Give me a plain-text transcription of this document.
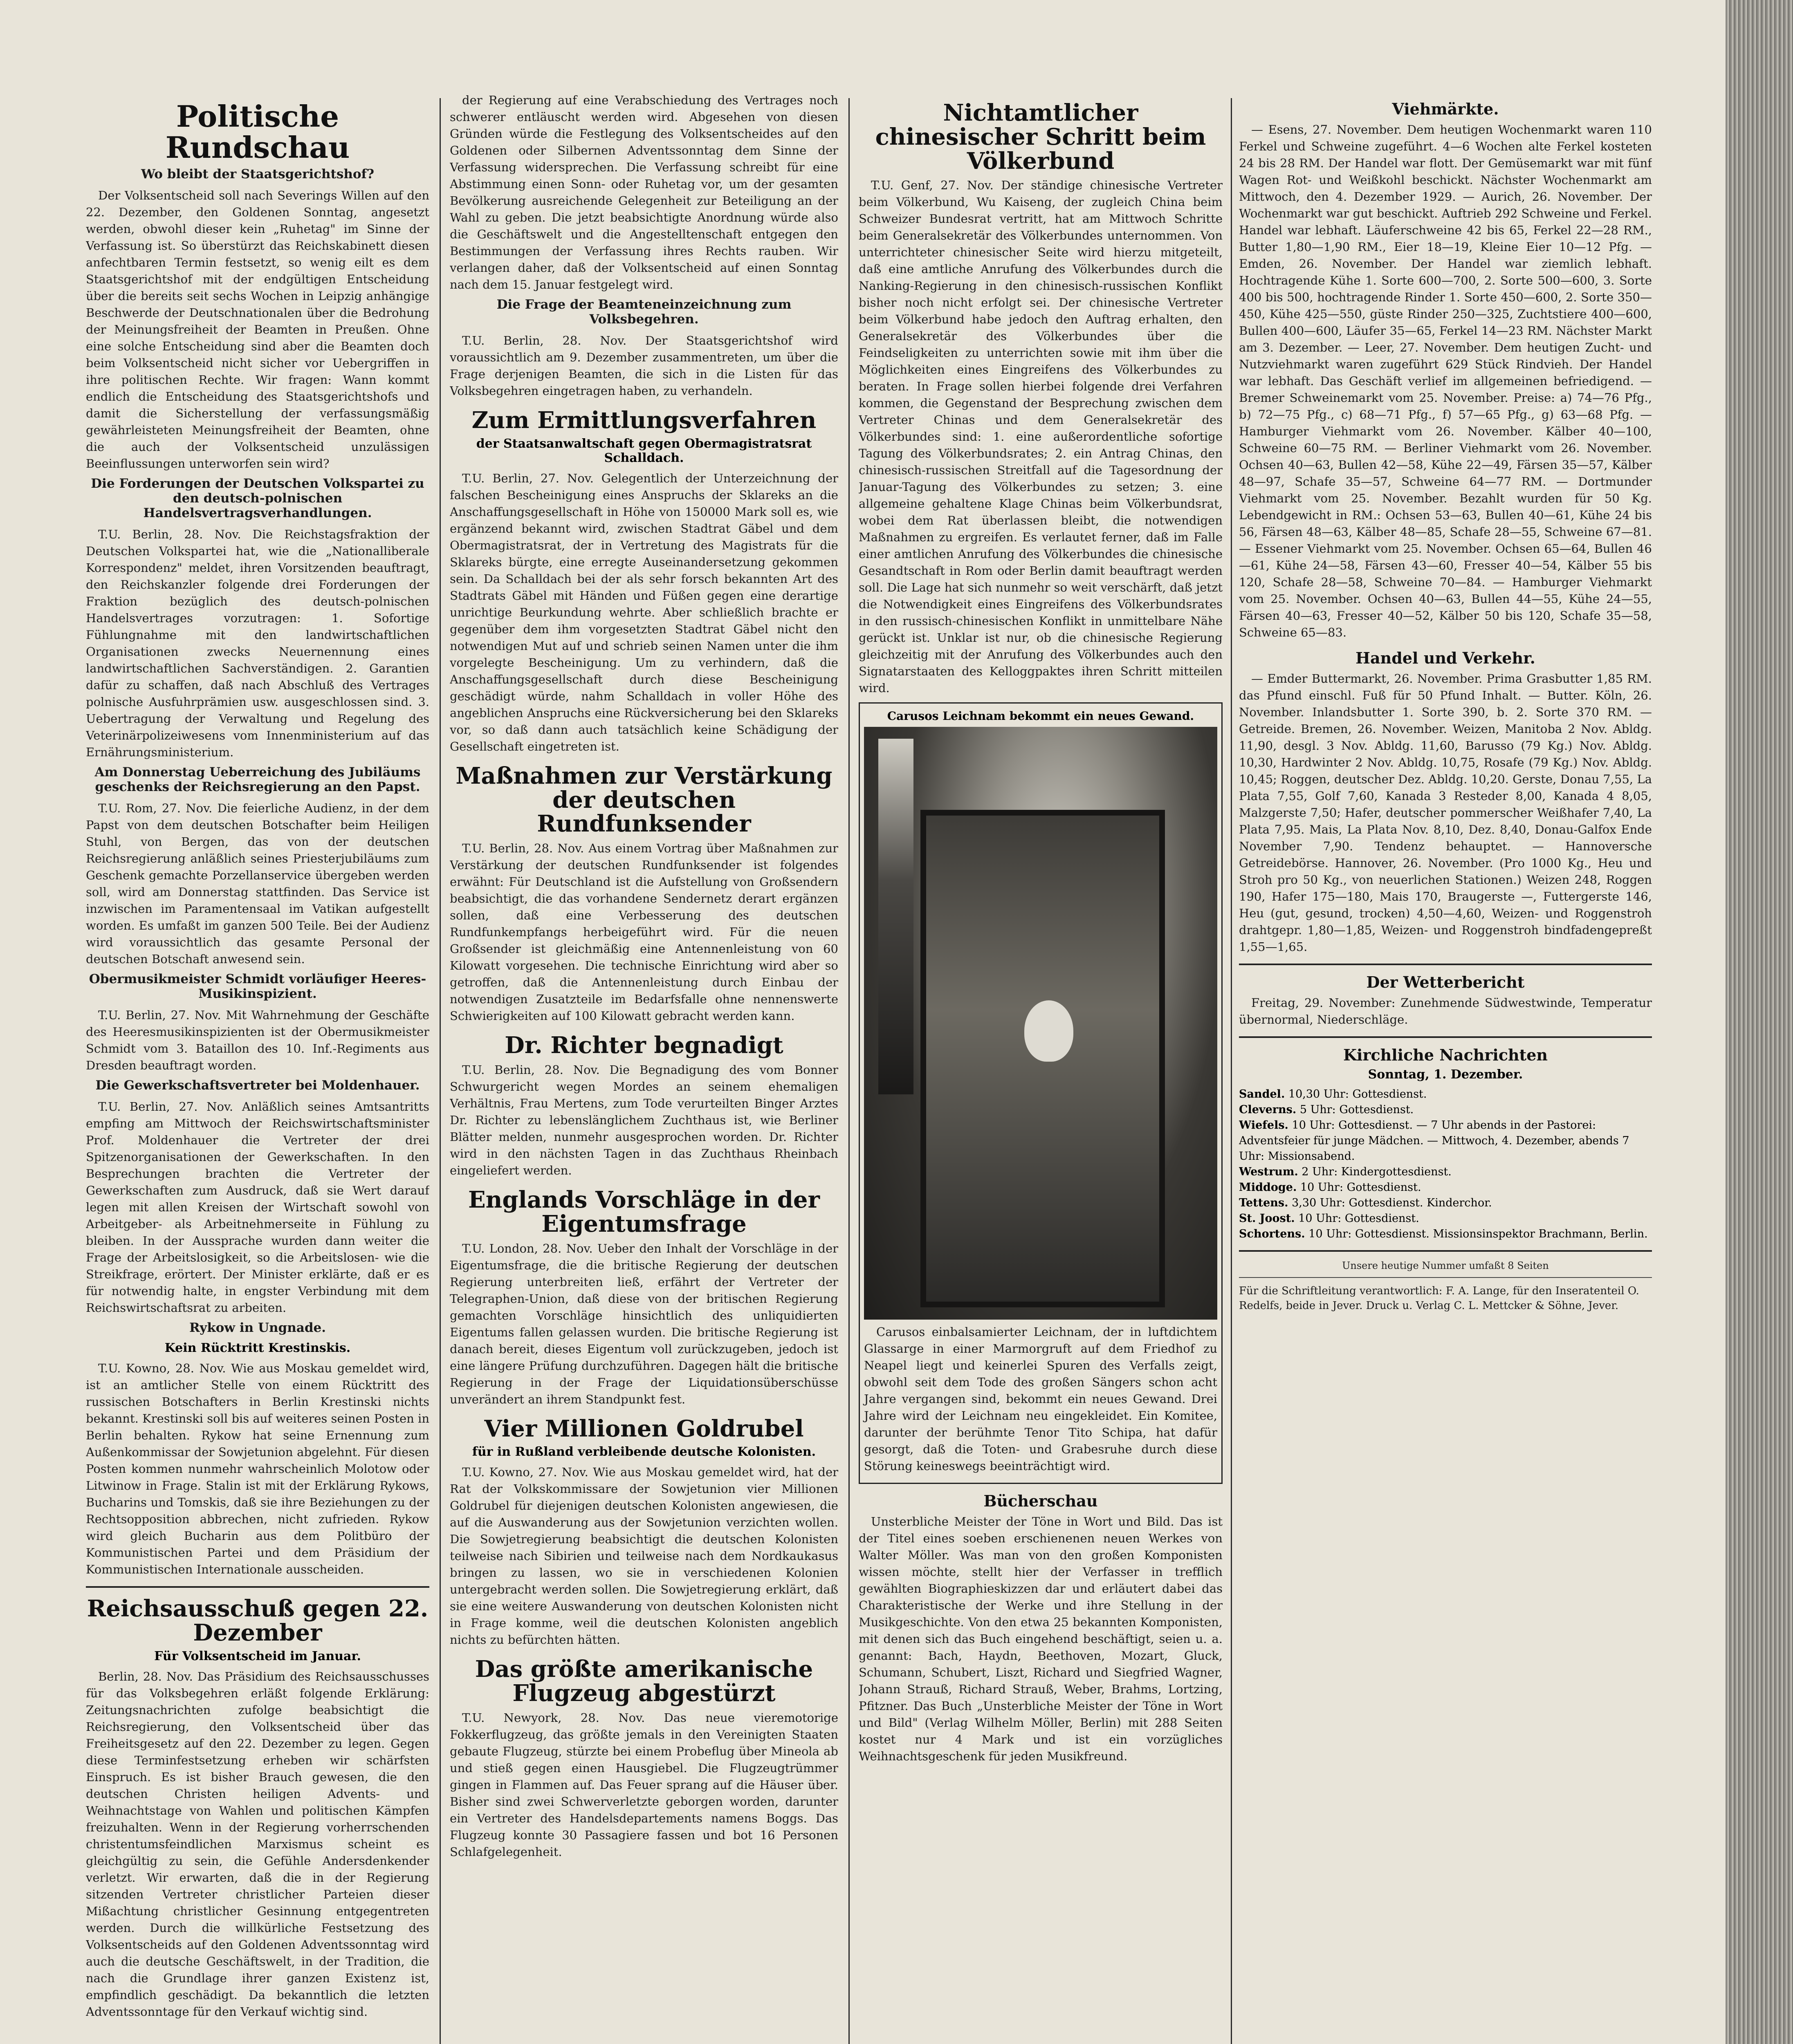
Politische Rundschau
Wo bleibt der Staatsgerichtshof?

Der Volksentscheid soll nach Severings Willen auf den 22. Dezember, den Goldenen Sonntag, angesetzt werden, obwohl dieser kein „Ruhetag" im Sinne der Verfassung ist. So überstürzt das Reichskabinett diesen anfechtbaren Termin festsetzt, so wenig eilt es dem Staatsgerichtshof mit der endgültigen Entscheidung über die bereits seit sechs Wochen in Leipzig anhängige Beschwerde der Deutschnationalen über die Bedrohung der Meinungsfreiheit der Beamten in Preußen. Ohne eine solche Entscheidung sind aber die Beamten doch beim Volksentscheid nicht sicher vor Uebergriffen in ihre politischen Rechte. Wir fragen: Wann kommt endlich die Entscheidung des Staatsgerichtshofs und damit die Sicherstellung der verfassungsmäßig gewährleisteten Meinungsfreiheit der Beamten, ohne die auch der Volksentscheid unzulässigen Beeinflussungen unterworfen sein wird?

Die Forderungen der Deutschen Volkspartei zu den deutsch-polnischen Handelsvertragsverhandlungen.

T.U. Berlin, 28. Nov. Die Reichstagsfraktion der Deutschen Volkspartei hat, wie die „Nationalliberale Korrespondenz" meldet, ihren Vorsitzenden beauftragt, den Reichskanzler folgende drei Forderungen der Fraktion bezüglich des deutsch-polnischen Handelsvertrages vorzutragen: 1. Sofortige Fühlungnahme mit den landwirtschaftlichen Organisationen zwecks Neuernennung eines landwirtschaftlichen Sachverständigen. 2. Garantien dafür zu schaffen, daß nach Abschluß des Vertrages polnische Ausfuhrprämien usw. ausgeschlossen sind. 3. Uebertragung der Verwaltung und Regelung des Veterinärpolizeiwesens vom Innenministerium auf das Ernährungsministerium.

Am Donnerstag Ueberreichung des Jubiläums geschenks der Reichsregierung an den Papst.

T.U. Rom, 27. Nov. Die feierliche Audienz, in der dem Papst von dem deutschen Botschafter beim Heiligen Stuhl, von Bergen, das von der deutschen Reichsregierung anläßlich seines Priesterjubiläums zum Geschenk gemachte Porzellanservice übergeben werden soll, wird am Donnerstag stattfinden. Das Service ist inzwischen im Paramentensaal im Vatikan aufgestellt worden. Es umfaßt im ganzen 500 Teile. Bei der Audienz wird voraussichtlich das gesamte Personal der deutschen Botschaft anwesend sein.

Obermusikmeister Schmidt vorläufiger Heeres-Musikinspizient.

T.U. Berlin, 27. Nov. Mit Wahrnehmung der Geschäfte des Heeresmusikinspizienten ist der Obermusikmeister Schmidt vom 3. Bataillon des 10. Inf.-Regiments aus Dresden beauftragt worden.

Die Gewerkschaftsvertreter bei Moldenhauer.

T.U. Berlin, 27. Nov. Anläßlich seines Amtsantritts empfing am Mittwoch der Reichswirtschaftsminister Prof. Moldenhauer die Vertreter der drei Spitzenorganisationen der Gewerkschaften. In den Besprechungen brachten die Vertreter der Gewerkschaften zum Ausdruck, daß sie Wert darauf legen mit allen Kreisen der Wirtschaft sowohl von Arbeitgeber- als Arbeitnehmerseite in Fühlung zu bleiben. In der Aussprache wurden dann weiter die Frage der Arbeitslosigkeit, so die Arbeitslosen- wie die Streikfrage, erörtert. Der Minister erklärte, daß er es für notwendig halte, in engster Verbindung mit dem Reichswirtschaftsrat zu arbeiten.

Rykow in Ungnade.
Kein Rücktritt Krestinskis.

T.U. Kowno, 28. Nov. Wie aus Moskau gemeldet wird, ist an amtlicher Stelle von einem Rücktritt des russischen Botschafters in Berlin Krestinski nichts bekannt. Krestinski soll bis auf weiteres seinen Posten in Berlin behalten. Rykow hat seine Ernennung zum Außenkommissar der Sowjetunion abgelehnt. Für diesen Posten kommen nunmehr wahrscheinlich Molotow oder Litwinow in Frage. Stalin ist mit der Erklärung Rykows, Bucharins und Tomskis, daß sie ihre Beziehungen zu der Rechtsopposition abbrechen, nicht zufrieden. Rykow wird gleich Bucharin aus dem Politbüro der Kommunistischen Partei und dem Präsidium der Kommunistischen Internationale ausscheiden.

Reichsausschuß gegen 22. Dezember
Für Volksentscheid im Januar.

Berlin, 28. Nov. Das Präsidium des Reichsausschusses für das Volksbegehren erläßt folgende Erklärung: Zeitungsnachrichten zufolge beabsichtigt die Reichsregierung, den Volksentscheid über das Freiheitsgesetz auf den 22. Dezember zu legen. Gegen diese Terminfestsetzung erheben wir schärfsten Einspruch. Es ist bisher Brauch gewesen, die den deutschen Christen heiligen Advents- und Weihnachtstage von Wahlen und politischen Kämpfen freizuhalten. Wenn in der Regierung vorherrschenden christentumsfeindlichen Marxismus scheint es gleichgültig zu sein, die Gefühle Andersdenkender verletzt. Wir erwarten, daß die in der Regierung sitzenden Vertreter christlicher Parteien dieser Mißachtung christlicher Gesinnung entgegentreten werden. Durch die willkürliche Festsetzung des Volksentscheids auf den Goldenen Adventssonntag wird auch die deutsche Geschäftswelt, in der Tradition, die nach die Grundlage ihrer ganzen Existenz ist, empfindlich geschädigt. Da bekanntlich die letzten Adventssonntage für den Verkauf wichtig sind.

der Regierung auf eine Verabschiedung des Vertrages noch schwerer entläuscht werden wird. Abgesehen von diesen Gründen würde die Festlegung des Volksentscheides auf den Goldenen oder Silbernen Adventssonntag dem Sinne der Verfassung widersprechen. Die Verfassung schreibt für eine Abstimmung einen Sonn- oder Ruhetag vor, um der gesamten Bevölkerung ausreichende Gelegenheit zur Beteiligung an der Wahl zu geben. Die jetzt beabsichtigte Anordnung würde also die Geschäftswelt und die Angestelltenschaft entgegen den Bestimmungen der Verfassung ihres Rechts rauben. Wir verlangen daher, daß der Volksentscheid auf einen Sonntag nach dem 15. Januar festgelegt wird.

Die Frage der Beamteneinzeichnung zum Volksbegehren.

T.U. Berlin, 28. Nov. Der Staatsgerichtshof wird voraussichtlich am 9. Dezember zusammentreten, um über die Frage derjenigen Beamten, die sich in die Listen für das Volksbegehren eingetragen haben, zu verhandeln.

Zum Ermittlungsverfahren
der Staatsanwaltschaft gegen Obermagistratsrat Schalldach.

T.U. Berlin, 27. Nov. Gelegentlich der Unterzeichnung der falschen Bescheinigung eines Anspruchs der Sklareks an die Anschaffungsgesellschaft in Höhe von 150000 Mark soll es, wie ergänzend bekannt wird, zwischen Stadtrat Gäbel und dem Obermagistratsrat, der in Vertretung des Magistrats für die Sklareks bürgte, eine erregte Auseinandersetzung gekommen sein. Da Schalldach bei der als sehr forsch bekannten Art des Stadtrats Gäbel mit Händen und Füßen gegen eine derartige unrichtige Beurkundung wehrte. Aber schließlich brachte er gegenüber dem ihm vorgesetzten Stadtrat Gäbel nicht den notwendigen Mut auf und schrieb seinen Namen unter die ihm vorgelegte Bescheinigung. Um zu verhindern, daß die Anschaffungsgesellschaft durch diese Bescheinigung geschädigt würde, nahm Schalldach in voller Höhe des angeblichen Anspruchs eine Rückversicherung bei den Sklareks vor, so daß dann auch tatsächlich keine Schädigung der Gesellschaft eingetreten ist.

Maßnahmen zur Verstärkung der deutschen Rundfunksender

T.U. Berlin, 28. Nov. Aus einem Vortrag über Maßnahmen zur Verstärkung der deutschen Rundfunksender ist folgendes erwähnt: Für Deutschland ist die Aufstellung von Großsendern beabsichtigt, die das vorhandene Sendernetz derart ergänzen sollen, daß eine Verbesserung des deutschen Rundfunkempfangs herbeigeführt wird. Für die neuen Großsender ist gleichmäßig eine Antennenleistung von 60 Kilowatt vorgesehen. Die technische Einrichtung wird aber so getroffen, daß die Antennenleistung durch Einbau der notwendigen Zusatzteile im Bedarfsfalle ohne nennenswerte Schwierigkeiten auf 100 Kilowatt gebracht werden kann.

Dr. Richter begnadigt

T.U. Berlin, 28. Nov. Die Begnadigung des vom Bonner Schwurgericht wegen Mordes an seinem ehemaligen Verhältnis, Frau Mertens, zum Tode verurteilten Binger Arztes Dr. Richter zu lebenslänglichem Zuchthaus ist, wie Berliner Blätter melden, nunmehr ausgesprochen worden. Dr. Richter wird in den nächsten Tagen in das Zuchthaus Rheinbach eingeliefert werden.

Englands Vorschläge in der Eigentumsfrage

T.U. London, 28. Nov. Ueber den Inhalt der Vorschläge in der Eigentumsfrage, die die britische Regierung der deutschen Regierung unterbreiten ließ, erfährt der Vertreter der Telegraphen-Union, daß diese von der britischen Regierung gemachten Vorschläge hinsichtlich des unliquidierten Eigentums fallen gelassen wurden. Die britische Regierung ist danach bereit, dieses Eigentum voll zurückzugeben, jedoch ist eine längere Prüfung durchzuführen. Dagegen hält die britische Regierung in der Frage der Liquidationsüberschüsse unverändert an ihrem Standpunkt fest.

Vier Millionen Goldrubel
für in Rußland verbleibende deutsche Kolonisten.

T.U. Kowno, 27. Nov. Wie aus Moskau gemeldet wird, hat der Rat der Volkskommissare der Sowjetunion vier Millionen Goldrubel für diejenigen deutschen Kolonisten angewiesen, die auf die Auswanderung aus der Sowjetunion verzichten wollen. Die Sowjetregierung beabsichtigt die deutschen Kolonisten teilweise nach Sibirien und teilweise nach dem Nordkaukasus bringen zu lassen, wo sie in verschiedenen Kolonien untergebracht werden sollen. Die Sowjetregierung erklärt, daß sie eine weitere Auswanderung von deutschen Kolonisten nicht in Frage komme, weil die deutschen Kolonisten angeblich nichts zu befürchten hätten.

Das größte amerikanische Flugzeug abgestürzt

T.U. Newyork, 28. Nov. Das neue vieremotorige Fokkerflugzeug, das größte jemals in den Vereinigten Staaten gebaute Flugzeug, stürzte bei einem Probeflug über Mineola ab und stieß gegen einen Hausgiebel. Die Flugzeugtrümmer gingen in Flammen auf. Das Feuer sprang auf die Häuser über. Bisher sind zwei Schwerverletzte geborgen worden, darunter ein Vertreter des Handelsdepartements namens Boggs. Das Flugzeug konnte 30 Passagiere fassen und bot 16 Personen Schlafgelegenheit.

Nichtamtlicher chinesischer Schritt beim Völkerbund

T.U. Genf, 27. Nov. Der ständige chinesische Vertreter beim Völkerbund, Wu Kaiseng, der zugleich China beim Schweizer Bundesrat vertritt, hat am Mittwoch Schritte beim Generalsekretär des Völkerbundes unternommen. Von unterrichteter chinesischer Seite wird hierzu mitgeteilt, daß eine amtliche Anrufung des Völkerbundes durch die Nanking-Regierung in den chinesisch-russischen Konflikt bisher noch nicht erfolgt sei. Der chinesische Vertreter beim Völkerbund habe jedoch den Auftrag erhalten, den Generalsekretär des Völkerbundes über die Feindseligkeiten zu unterrichten sowie mit ihm über die Möglichkeiten eines Eingreifens des Völkerbundes zu beraten. In Frage sollen hierbei folgende drei Verfahren kommen, die Gegenstand der Besprechung zwischen dem Vertreter Chinas und dem Generalsekretär des Völkerbundes sind: 1. eine außerordentliche sofortige Tagung des Völkerbundsrates; 2. ein Antrag Chinas, den chinesisch-russischen Streitfall auf die Tagesordnung der Januar-Tagung des Völkerbundes zu setzen; 3. eine allgemeine gehaltene Klage Chinas beim Völkerbundsrat, wobei dem Rat überlassen bleibt, die notwendigen Maßnahmen zu ergreifen. Es verlautet ferner, daß im Falle einer amtlichen Anrufung des Völkerbundes die chinesische Gesandtschaft in Rom oder Berlin damit beauftragt werden soll. Die Lage hat sich nunmehr so weit verschärft, daß jetzt die Notwendigkeit eines Eingreifens des Völkerbundsrates in den russisch-chinesischen Konflikt in unmittelbare Nähe gerückt ist. Unklar ist nur, ob die chinesische Regierung gleichzeitig mit der Anrufung des Völkerbundes auch den Signatarstaaten des Kelloggpaktes ihren Schritt mitteilen wird.

Carusos Leichnam bekommt ein neues Gewand.

Carusos einbalsamierter Leichnam, der in luftdichtem Glassarge in einer Marmorgruft auf dem Friedhof zu Neapel liegt und keinerlei Spuren des Verfalls zeigt, obwohl seit dem Tode des großen Sängers schon acht Jahre vergangen sind, bekommt ein neues Gewand. Drei Jahre wird der Leichnam neu eingekleidet. Ein Komitee, darunter der berühmte Tenor Tito Schipa, hat dafür gesorgt, daß die Toten- und Grabesruhe durch diese Störung keineswegs beeinträchtigt wird.

Bücherschau

Unsterbliche Meister der Töne in Wort und Bild. Das ist der Titel eines soeben erschienenen neuen Werkes von Walter Möller. Was man von den großen Komponisten wissen möchte, stellt hier der Verfasser in trefflich gewählten Biographieskizzen dar und erläutert dabei das Charakteristische der Werke und ihre Stellung in der Musikgeschichte. Von den etwa 25 bekannten Komponisten, mit denen sich das Buch eingehend beschäftigt, seien u. a. genannt: Bach, Haydn, Beethoven, Mozart, Gluck, Schumann, Schubert, Liszt, Richard und Siegfried Wagner, Johann Strauß, Richard Strauß, Weber, Brahms, Lortzing, Pfitzner. Das Buch „Unsterbliche Meister der Töne in Wort und Bild" (Verlag Wilhelm Möller, Berlin) mit 288 Seiten kostet nur 4 Mark und ist ein vorzügliches Weihnachtsgeschenk für jeden Musikfreund.

Viehmärkte.

— Esens, 27. November. Dem heutigen Wochenmarkt waren 110 Ferkel und Schweine zugeführt. 4—6 Wochen alte Ferkel kosteten 24 bis 28 RM. Der Handel war flott. Der Gemüsemarkt war mit fünf Wagen Rot- und Weißkohl beschickt. Nächster Wochenmarkt am Mittwoch, den 4. Dezember 1929. — Aurich, 26. November. Der Wochenmarkt war gut beschickt. Auftrieb 292 Schweine und Ferkel. Handel war lebhaft. Läuferschweine 42 bis 65, Ferkel 22—28 RM., Butter 1,80—1,90 RM., Eier 18—19, Kleine Eier 10—12 Pfg. — Emden, 26. November. Der Handel war ziemlich lebhaft. Hochtragende Kühe 1. Sorte 600—700, 2. Sorte 500—600, 3. Sorte 400 bis 500, hochtragende Rinder 1. Sorte 450—600, 2. Sorte 350—450, Kühe 425—550, güste Rinder 250—325, Zuchtstiere 400—600, Bullen 400—600, Läufer 35—65, Ferkel 14—23 RM. Nächster Markt am 3. Dezember. — Leer, 27. November. Dem heutigen Zucht- und Nutzviehmarkt waren zugeführt 629 Stück Rindvieh. Der Handel war lebhaft. Das Geschäft verlief im allgemeinen befriedigend. — Bremer Schweinemarkt vom 25. November. Preise: a) 74—76 Pfg., b) 72—75 Pfg., c) 68—71 Pfg., f) 57—65 Pfg., g) 63—68 Pfg. — Hamburger Viehmarkt vom 26. November. Kälber 40—100, Schweine 60—75 RM. — Berliner Viehmarkt vom 26. November. Ochsen 40—63, Bullen 42—58, Kühe 22—49, Färsen 35—57, Kälber 48—97, Schafe 35—57, Schweine 64—77 RM. — Dortmunder Viehmarkt vom 25. November. Bezahlt wurden für 50 Kg. Lebendgewicht in RM.: Ochsen 53—63, Bullen 40—61, Kühe 24 bis 56, Färsen 48—63, Kälber 48—85, Schafe 28—55, Schweine 67—81. — Essener Viehmarkt vom 25. November. Ochsen 65—64, Bullen 46—61, Kühe 24—58, Färsen 43—60, Fresser 40—54, Kälber 55 bis 120, Schafe 28—58, Schweine 70—84. — Hamburger Viehmarkt vom 25. November. Ochsen 40—63, Bullen 44—55, Kühe 24—55, Färsen 40—63, Fresser 40—52, Kälber 50 bis 120, Schafe 35—58, Schweine 65—83.

Handel und Verkehr.

— Emder Buttermarkt, 26. November. Prima Grasbutter 1,85 RM. das Pfund einschl. Fuß für 50 Pfund Inhalt. — Butter. Köln, 26. November. Inlandsbutter 1. Sorte 390, b. 2. Sorte 370 RM. — Getreide. Bremen, 26. November. Weizen, Manitoba 2 Nov. Abldg. 11,90, desgl. 3 Nov. Abldg. 11,60, Barusso (79 Kg.) Nov. Abldg. 10,30, Hardwinter 2 Nov. Abldg. 10,75, Rosafe (79 Kg.) Nov. Abldg. 10,45; Roggen, deutscher Dez. Abldg. 10,20. Gerste, Donau 7,55, La Plata 7,55, Golf 7,60, Kanada 3 Resteder 8,00, Kanada 4 8,05, Malzgerste 7,50; Hafer, deutscher pommerscher Weißhafer 7,40, La Plata 7,95. Mais, La Plata Nov. 8,10, Dez. 8,40, Donau-Galfox Ende November 7,90. Tendenz behauptet. — Hannoversche Getreidebörse. Hannover, 26. November. (Pro 1000 Kg., Heu und Stroh pro 50 Kg., von neuerlichen Stationen.) Weizen 248, Roggen 190, Hafer 175—180, Mais 170, Braugerste —, Futtergerste 146, Heu (gut, gesund, trocken) 4,50—4,60, Weizen- und Roggenstroh drahtgepr. 1,80—1,85, Weizen- und Roggenstroh bindfadengepreßt 1,55—1,65.

Der Wetterbericht

Freitag, 29. November: Zunehmende Südwestwinde, Temperatur übernormal, Niederschläge.

Kirchliche Nachrichten
Sonntag, 1. Dezember.

Sandel. 10,30 Uhr: Gottesdienst.

Cleverns. 5 Uhr: Gottesdienst.

Wiefels. 10 Uhr: Gottesdienst. — 7 Uhr abends in der Pastorei: Adventsfeier für junge Mädchen. — Mittwoch, 4. Dezember, abends 7 Uhr: Missionsabend.

Westrum. 2 Uhr: Kindergottesdienst.

Middoge. 10 Uhr: Gottesdienst.

Tettens. 3,30 Uhr: Gottesdienst. Kinderchor.

St. Joost. 10 Uhr: Gottesdienst.

Schortens. 10 Uhr: Gottesdienst. Missionsinspektor Brachmann, Berlin.

Unsere heutige Nummer umfaßt 8 Seiten
Für die Schriftleitung verantwortlich: F. A. Lange, für den Inseratenteil O. Redelfs, beide in Jever. Druck u. Verlag C. L. Mettcker & Söhne, Jever.
